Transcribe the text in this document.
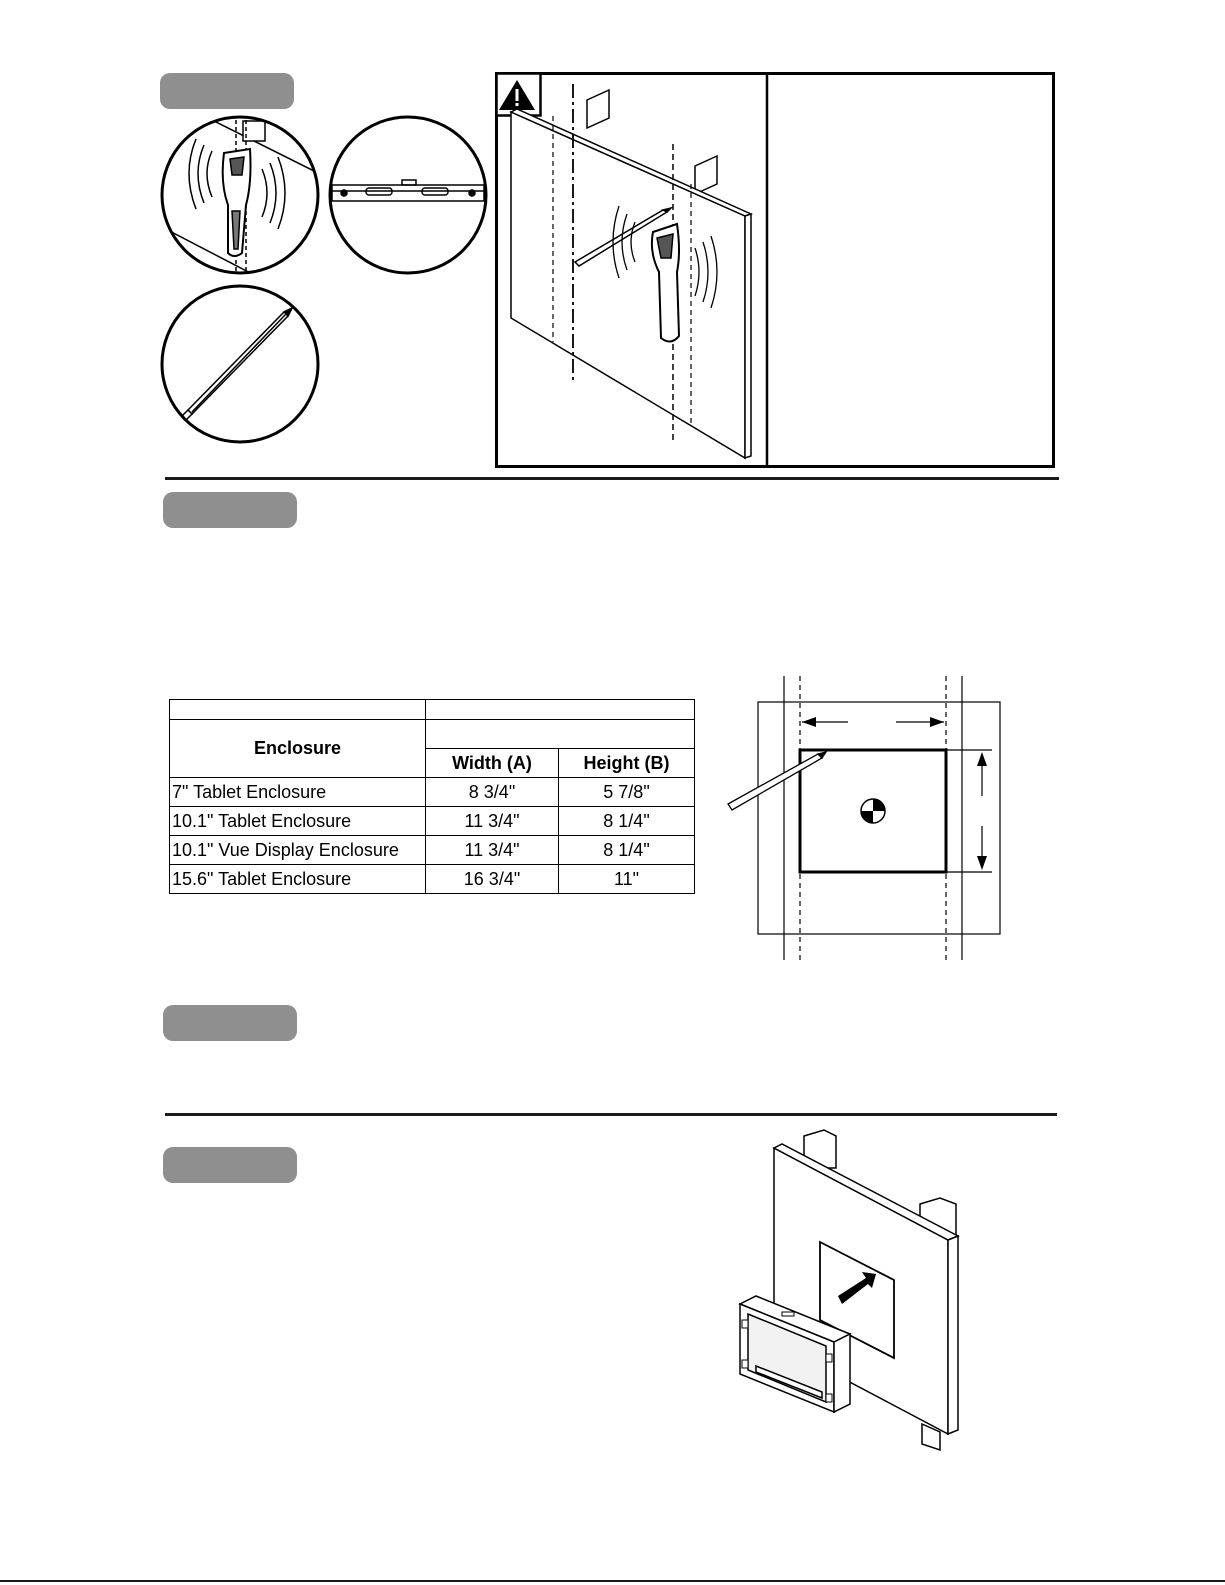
Enclosure		
	Width (A)	Height (B)
7" Tablet Enclosure	8 3/4"	5 7/8"
10.1" Tablet Enclosure	11 3/4"	8 1/4"
10.1" Vue Display Enclosure	11 3/4"	8 1/4"
15.6" Tablet Enclosure	16 3/4"	11"
